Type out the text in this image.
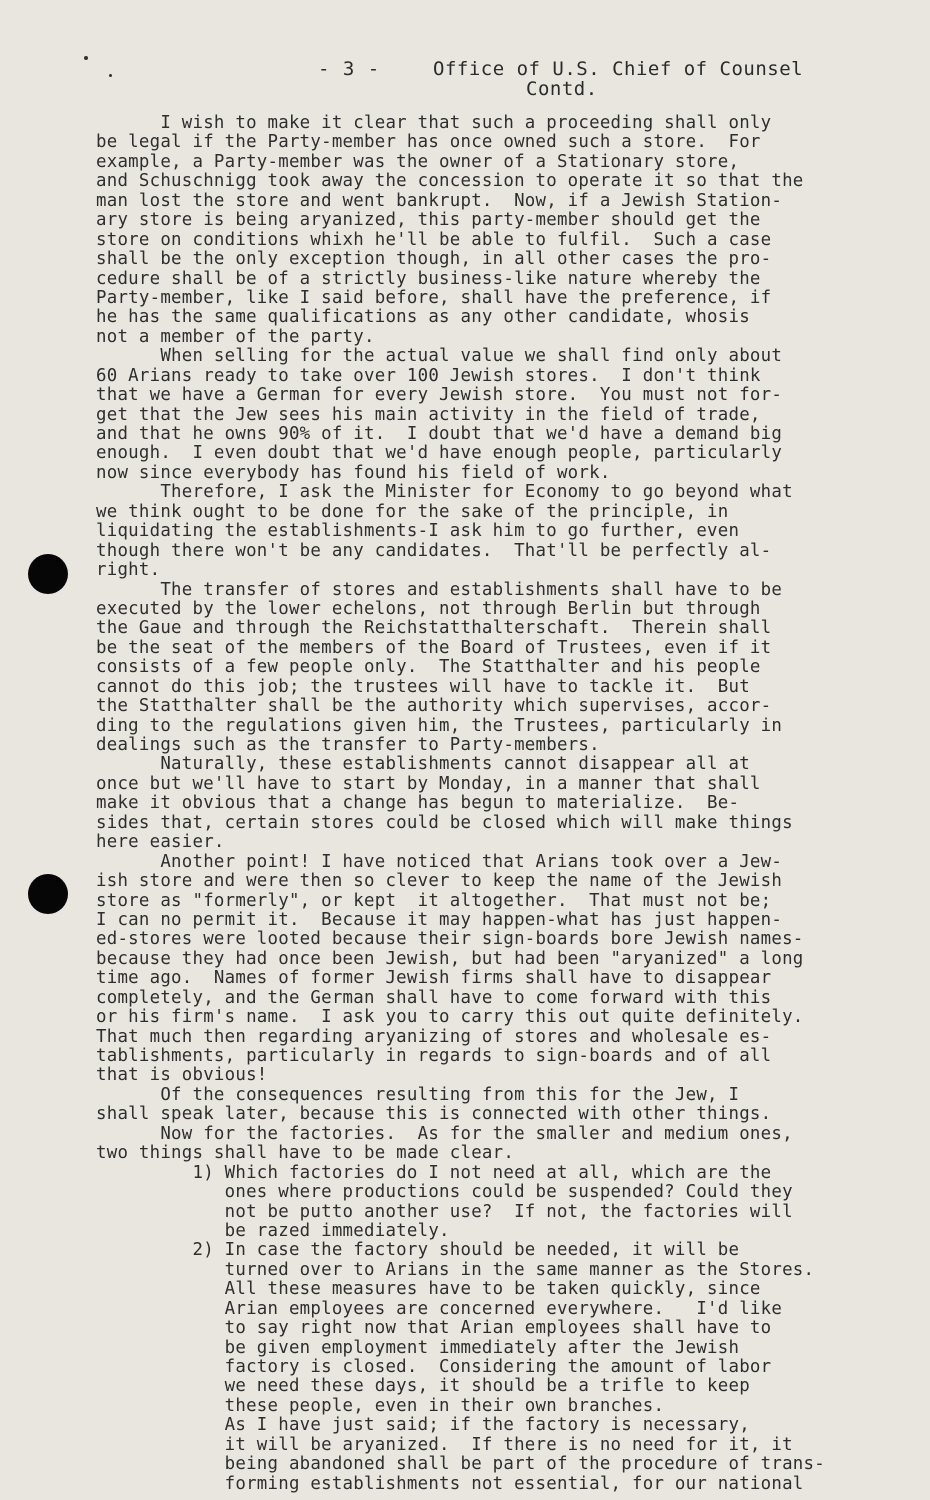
- 3 -	Office of U.S. Chief of Counsel
Contd.
I wish to make it clear that such a proceeding shall only
be legal if the Party-member has once owned such a store.  For
example, a Party-member was the owner of a Stationary store,
and Schuschnigg took away the concession to operate it so that the
man lost the store and went bankrupt.  Now, if a Jewish Station-
ary store is being aryanized, this party-member should get the
store on conditions whixh he'll be able to fulfil.  Such a case
shall be the only exception though, in all other cases the pro-
cedure shall be of a strictly business-like nature whereby the
Party-member, like I said before, shall have the preference, if
he has the same qualifications as any other candidate, whosis
not a member of the party.
When selling for the actual value we shall find only about
60 Arians ready to take over 100 Jewish stores.  I don't think
that we have a German for every Jewish store.  You must not for-
get that the Jew sees his main activity in the field of trade,
and that he owns 90% of it.  I doubt that we'd have a demand big
enough.  I even doubt that we'd have enough people, particularly
now since everybody has found his field of work.
Therefore, I ask the Minister for Economy to go beyond what
we think ought to be done for the sake of the principle, in
liquidating the establishments-I ask him to go further, even
though there won't be any candidates.  That'll be perfectly al-
right.
The transfer of stores and establishments shall have to be
executed by the lower echelons, not through Berlin but through
the Gaue and through the Reichstatthalterschaft.  Therein shall
be the seat of the members of the Board of Trustees, even if it
consists of a few people only.  The Statthalter and his people
cannot do this job; the trustees will have to tackle it.  But
the Statthalter shall be the authority which supervises, accor-
ding to the regulations given him, the Trustees, particularly in
dealings such as the transfer to Party-members.
Naturally, these establishments cannot disappear all at
once but we'll have to start by Monday, in a manner that shall
make it obvious that a change has begun to materialize.  Be-
sides that, certain stores could be closed which will make things
here easier.
Another point! I have noticed that Arians took over a Jew-
ish store and were then so clever to keep the name of the Jewish
store as "formerly", or kept  it altogether.  That must not be;
I can no permit it.  Because it may happen-what has just happen-
ed-stores were looted because their sign-boards bore Jewish names-
because they had once been Jewish, but had been "aryanized" a long
time ago.  Names of former Jewish firms shall have to disappear
completely, and the German shall have to come forward with this
or his firm's name.  I ask you to carry this out quite definitely.
That much then regarding aryanizing of stores and wholesale es-
tablishments, particularly in regards to sign-boards and of all
that is obvious!
Of the consequences resulting from this for the Jew, I
shall speak later, because this is connected with other things.
Now for the factories.  As for the smaller and medium ones,
two things shall have to be made clear.
1) Which factories do I not need at all, which are the
ones where productions could be suspended? Could they
not be putto another use?  If not, the factories will
be razed immediately.
2) In case the factory should be needed, it will be
turned over to Arians in the same manner as the Stores.
All these measures have to be taken quickly, since
Arian employees are concerned everywhere.   I'd like
to say right now that Arian employees shall have to
be given employment immediately after the Jewish
factory is closed.  Considering the amount of labor
we need these days, it should be a trifle to keep
these people, even in their own branches.
As I have just said; if the factory is necessary,
it will be aryanized.  If there is no need for it, it
being abandoned shall be part of the procedure of trans-
forming establishments not essential, for our national
